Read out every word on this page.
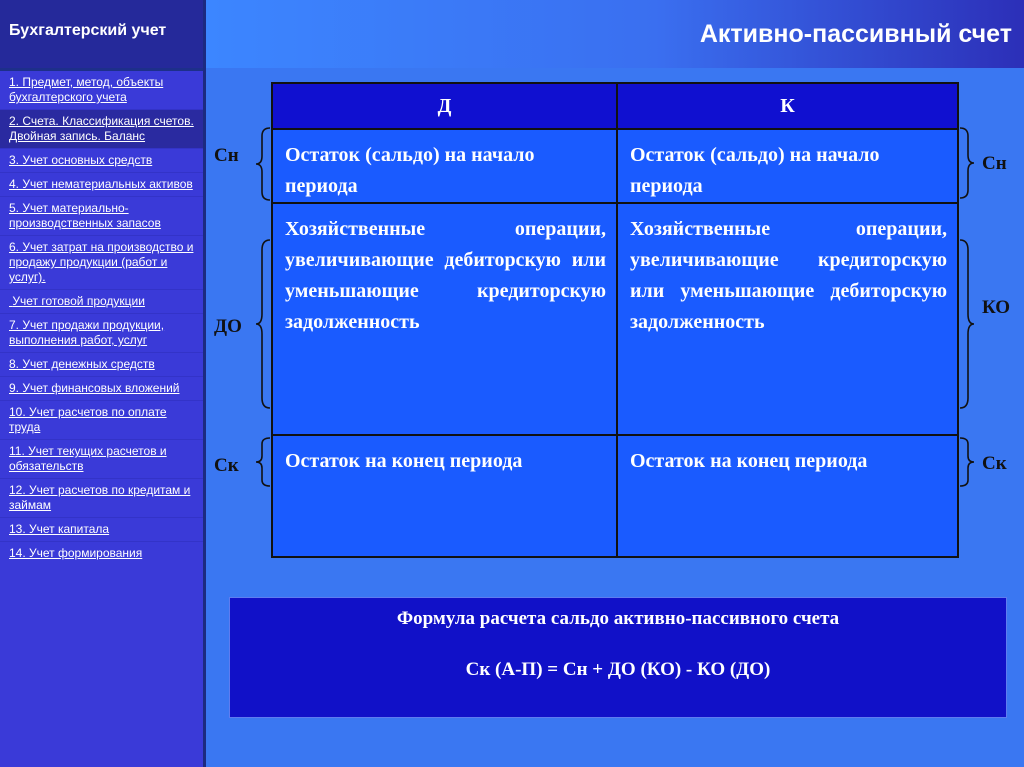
Бухгалтерский учет
1. Предмет, метод, объекты бухгалтерского учета
2. Счета. Классификация счетов. Двойная запись. Баланс
3. Учет основных средств
4. Учет нематериальных активов
5. Учет материально-производственных запасов
6. Учет затрат на производство и продажу продукции (работ и услуг).
Учет готовой продукции
7. Учет продажи продукции, выполнения работ, услуг
8. Учет денежных средств
9. Учет финансовых вложений
10. Учет расчетов по оплате труда
11. Учет текущих расчетов и обязательств
12. Учет расчетов по кредитам и займам
13. Учет капитала
14. Учет формирования
Активно-пассивный счет
Сн
ДО
Ск
Сн
КО
Ск
Д	К
Остаток (сальдо) на начало периода
Остаток (сальдо) на начало периода
Хозяйственные операции, увеличивающие дебиторскую или уменьшающие кредиторскую задолженность
Хозяйственные операции, увеличивающие кредиторскую или уменьшающие дебиторскую задолженность
Остаток на конец периода	Остаток на конец периода
Формула расчета сальдо активно-пассивного счета
Ск (А-П) = Сн + ДО (КО) - КО (ДО)
